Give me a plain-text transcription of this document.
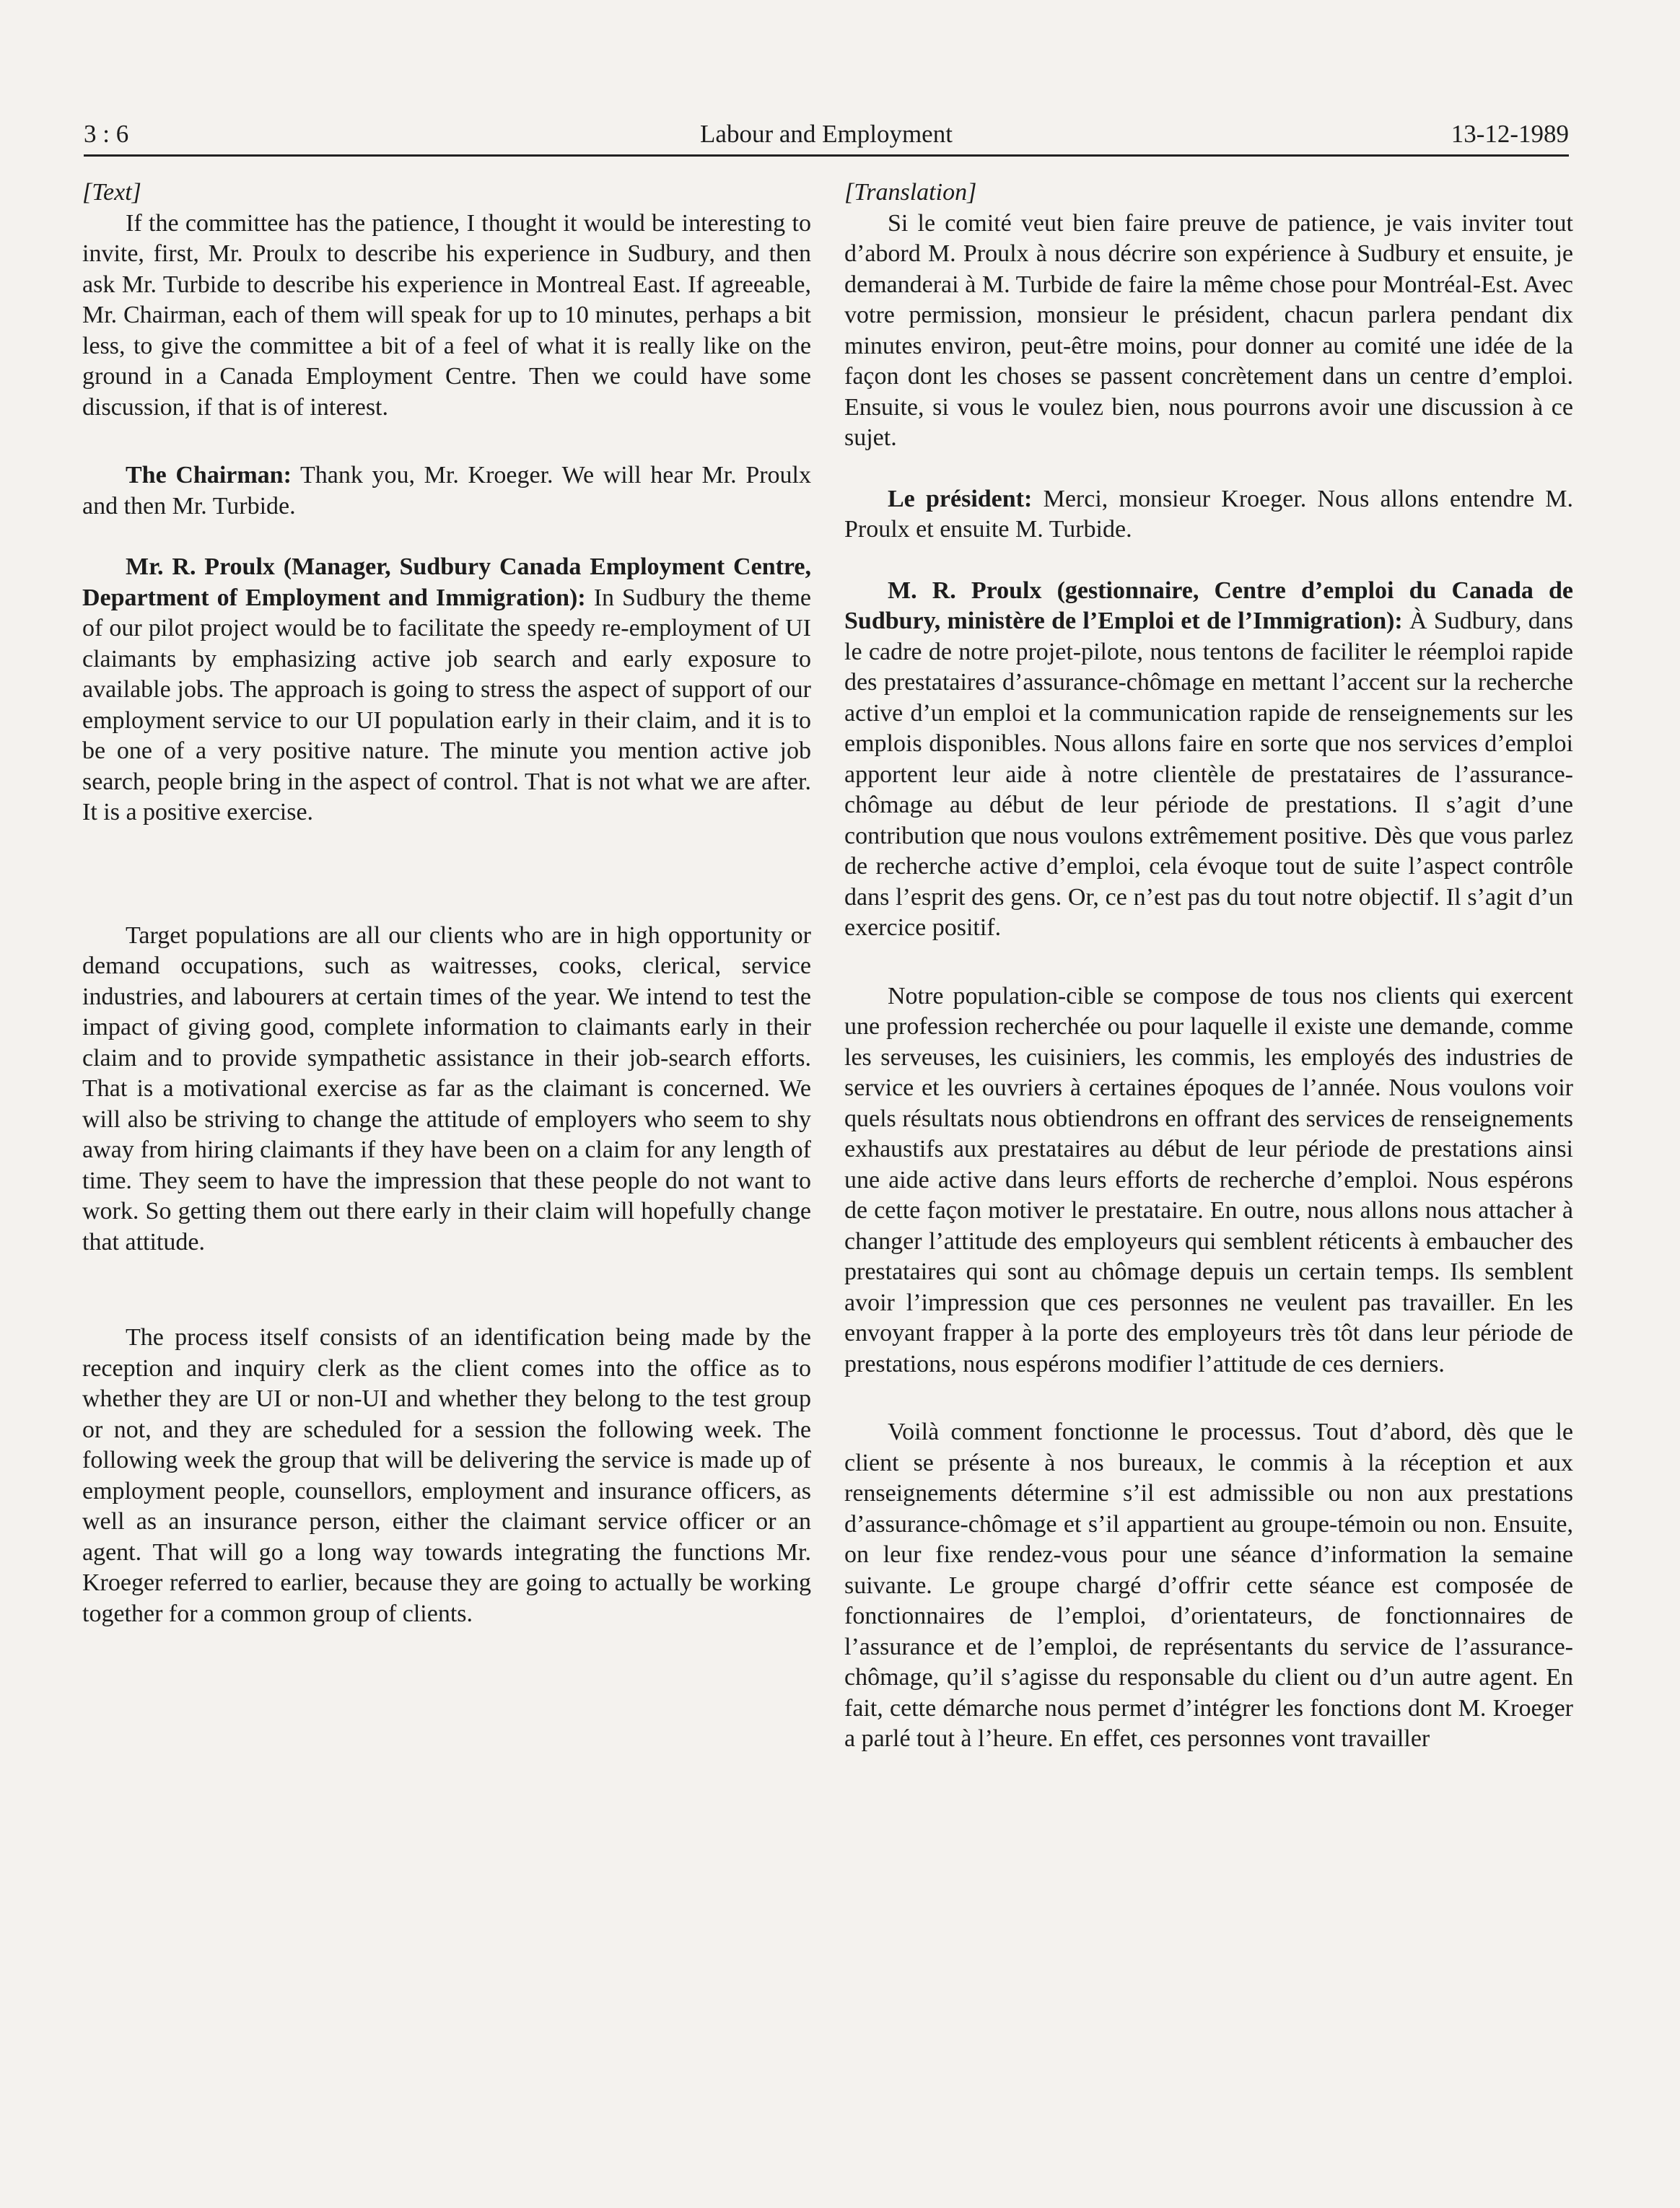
Labour and Employment
3 : 6	13-12-1989

[Text]

If the committee has the patience, I thought it would be interesting to invite, first, Mr. Proulx to describe his experience in Sudbury, and then ask Mr. Turbide to describe his experience in Montreal East. If agreeable, Mr. Chairman, each of them will speak for up to 10 minutes, perhaps a bit less, to give the committee a bit of a feel of what it is really like on the ground in a Canada Employment Centre. Then we could have some discussion, if that is of interest.

The Chairman: Thank you, Mr. Kroeger. We will hear Mr. Proulx and then Mr. Turbide.

Mr. R. Proulx (Manager, Sudbury Canada Employment Centre, Department of Employment and Immigration): In Sudbury the theme of our pilot project would be to facilitate the speedy re-employment of UI claimants by emphasizing active job search and early exposure to available jobs. The approach is going to stress the aspect of support of our employment service to our UI population early in their claim, and it is to be one of a very positive nature. The minute you mention active job search, people bring in the aspect of control. That is not what we are after. It is a positive exercise.

Target populations are all our clients who are in high opportunity or demand occupations, such as waitresses, cooks, clerical, service industries, and labourers at certain times of the year. We intend to test the impact of giving good, complete information to claimants early in their claim and to provide sympathetic assistance in their job-search efforts. That is a motivational exercise as far as the claimant is concerned. We will also be striving to change the attitude of employers who seem to shy away from hiring claimants if they have been on a claim for any length of time. They seem to have the impression that these people do not want to work. So getting them out there early in their claim will hopefully change that attitude.

The process itself consists of an identification being made by the reception and inquiry clerk as the client comes into the office as to whether they are UI or non-UI and whether they belong to the test group or not, and they are scheduled for a session the following week. The following week the group that will be delivering the service is made up of employment people, counsellors, employment and insurance officers, as well as an insurance person, either the claimant service officer or an agent. That will go a long way towards integrating the functions Mr. Kroeger referred to earlier, because they are going to actually be working together for a common group of clients.

[Translation]

Si le comité veut bien faire preuve de patience, je vais inviter tout d’abord M. Proulx à nous décrire son expérience à Sudbury et ensuite, je demanderai à M. Turbide de faire la même chose pour Montréal-Est. Avec votre permission, monsieur le président, chacun parlera pendant dix minutes environ, peut-être moins, pour donner au comité une idée de la façon dont les choses se passent concrètement dans un centre d’emploi. Ensuite, si vous le voulez bien, nous pourrons avoir une discussion à ce sujet.

Le président: Merci, monsieur Kroeger. Nous allons entendre M. Proulx et ensuite M. Turbide.

M. R. Proulx (gestionnaire, Centre d’emploi du Canada de Sudbury, ministère de l’Emploi et de l’Immigration): À Sudbury, dans le cadre de notre projet-pilote, nous tentons de faciliter le réemploi rapide des prestataires d’assurance-chômage en mettant l’accent sur la recherche active d’un emploi et la communication rapide de renseignements sur les emplois disponibles. Nous allons faire en sorte que nos services d’emploi apportent leur aide à notre clientèle de prestataires de l’assurance-chômage au début de leur période de prestations. Il s’agit d’une contribution que nous voulons extrêmement positive. Dès que vous parlez de recherche active d’emploi, cela évoque tout de suite l’aspect contrôle dans l’esprit des gens. Or, ce n’est pas du tout notre objectif. Il s’agit d’un exercice positif.

Notre population-cible se compose de tous nos clients qui exercent une profession recherchée ou pour laquelle il existe une demande, comme les serveuses, les cuisiniers, les commis, les employés des industries de service et les ouvriers à certaines époques de l’année. Nous voulons voir quels résultats nous obtiendrons en offrant des services de renseignements exhaustifs aux prestataires au début de leur période de prestations ainsi une aide active dans leurs efforts de recherche d’emploi. Nous espérons de cette façon motiver le prestataire. En outre, nous allons nous attacher à changer l’attitude des employeurs qui semblent réticents à embaucher des prestataires qui sont au chômage depuis un certain temps. Ils semblent avoir l’impression que ces personnes ne veulent pas travailler. En les envoyant frapper à la porte des employeurs très tôt dans leur période de prestations, nous espérons modifier l’attitude de ces derniers.

Voilà comment fonctionne le processus. Tout d’abord, dès que le client se présente à nos bureaux, le commis à la réception et aux renseignements détermine s’il est admissible ou non aux prestations d’assurance-chômage et s’il appartient au groupe-témoin ou non. Ensuite, on leur fixe rendez-vous pour une séance d’information la semaine suivante. Le groupe chargé d’offrir cette séance est composée de fonctionnaires de l’emploi, d’orientateurs, de fonctionnaires de l’assurance et de l’emploi, de représentants du service de l’assurance-chômage, qu’il s’agisse du responsable du client ou d’un autre agent. En fait, cette démarche nous permet d’intégrer les fonctions dont M. Kroeger a parlé tout à l’heure. En effet, ces personnes vont travailler
